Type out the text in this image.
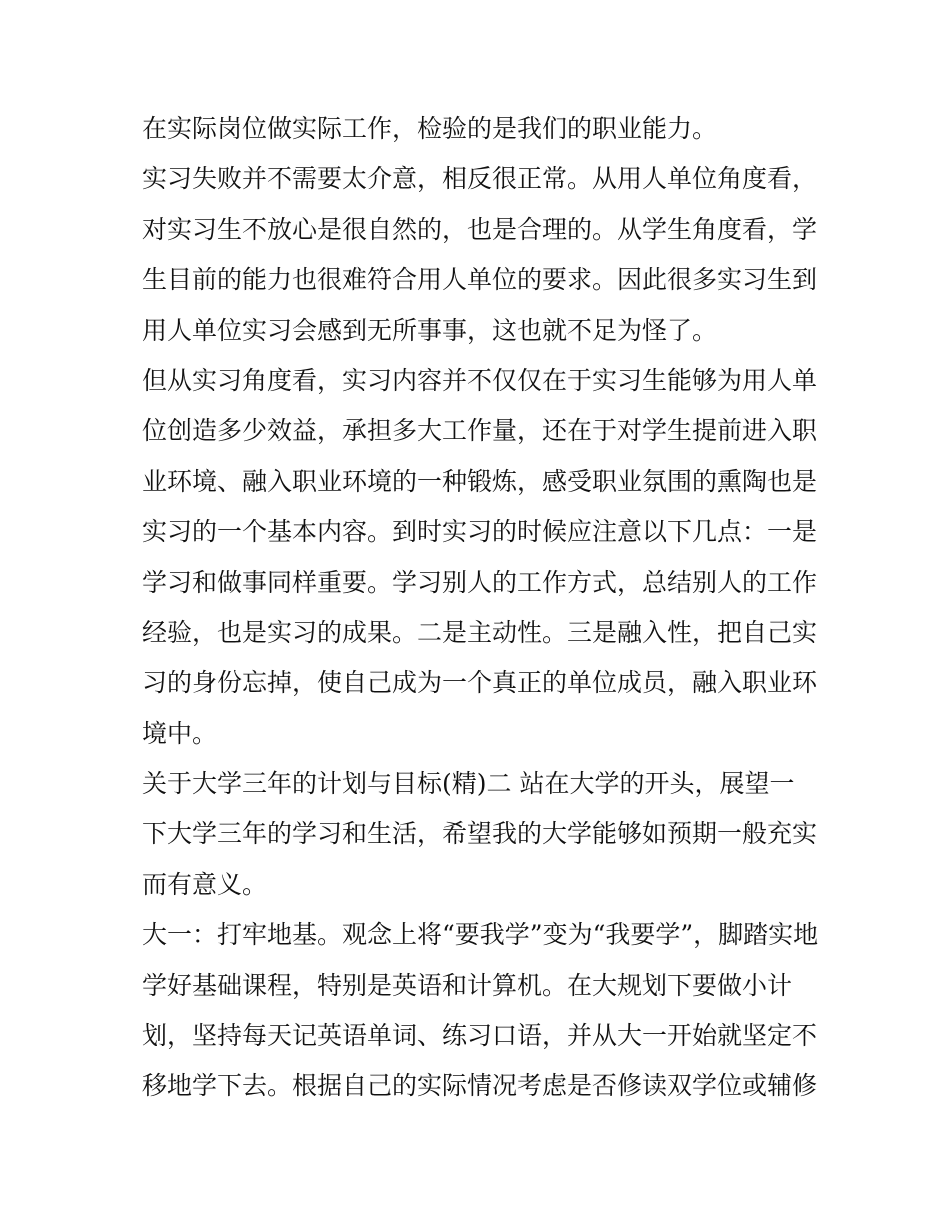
在实际岗位做实际工作，检验的是我们的职业能力。
实习失败并不需要太介意，相反很正常。从用人单位角度看，
对实习生不放心是很自然的，也是合理的。从学生角度看，学
生目前的能力也很难符合用人单位的要求。因此很多实习生到
用人单位实习会感到无所事事，这也就不足为怪了。
但从实习角度看，实习内容并不仅仅在于实习生能够为用人单
位创造多少效益，承担多大工作量，还在于对学生提前进入职
业环境、融入职业环境的一种锻炼，感受职业氛围的熏陶也是
实习的一个基本内容。到时实习的时候应注意以下几点：一是
学习和做事同样重要。学习别人的工作方式，总结别人的工作
经验，也是实习的成果。二是主动性。三是融入性，把自己实
习的身份忘掉，使自己成为一个真正的单位成员，融入职业环
境中。
关于大学三年的计划与目标(精)二 站在大学的开头，展望一
下大学三年的学习和生活，希望我的大学能够如预期一般充实
而有意义。
大一：打牢地基。观念上将“要我学”变为“我要学”，脚踏实地
学好基础课程，特别是英语和计算机。在大规划下要做小计
划，坚持每天记英语单词、练习口语，并从大一开始就坚定不
移地学下去。根据自己的实际情况考虑是否修读双学位或辅修
